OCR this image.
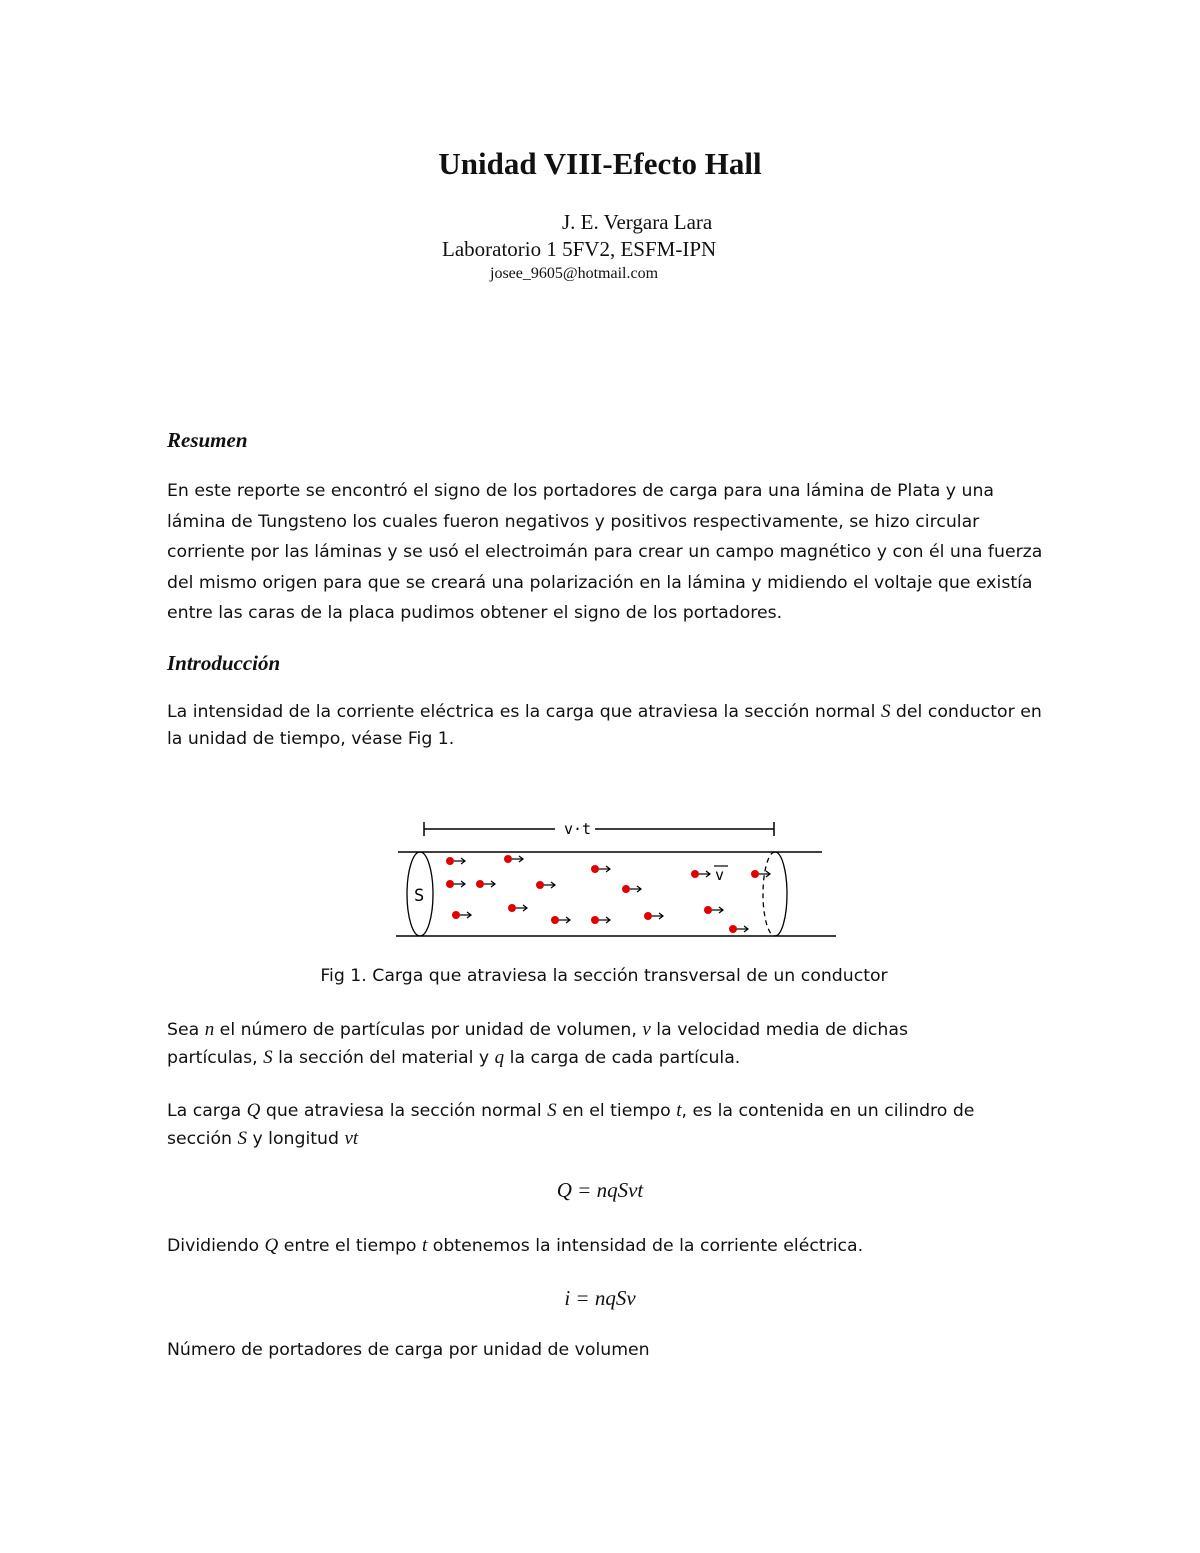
Unidad VIII-Efecto Hall
J. E. Vergara Lara
Laboratorio 1 5FV2, ESFM-IPN
josee_9605@hotmail.com
Resumen
En este reporte se encontró el signo de los portadores de carga para una lámina de Plata y una
lámina de Tungsteno los cuales fueron negativos y positivos respectivamente, se hizo circular
corriente por las láminas y se usó el electroimán para crear un campo magnético y con él una fuerza
del mismo origen para que se creará una polarización en la lámina y midiendo el voltaje que existía
entre las caras de la placa pudimos obtener el signo de los portadores.
Introducción
La intensidad de la corriente eléctrica es la carga que atraviesa la sección normal S del conductor en
la unidad de tiempo, véase Fig 1.
v·t
S
v
Fig 1. Carga que atraviesa la sección transversal de un conductor
Sea n el número de partículas por unidad de volumen, v la velocidad media de dichas
partículas, S la sección del material y q la carga de cada partícula.
La carga Q que atraviesa la sección normal S en el tiempo t, es la contenida en un cilindro de
sección S y longitud vt
Q = nqSvt
Dividiendo Q entre el tiempo t obtenemos la intensidad de la corriente eléctrica.
i = nqSv
Número de portadores de carga por unidad de volumen
